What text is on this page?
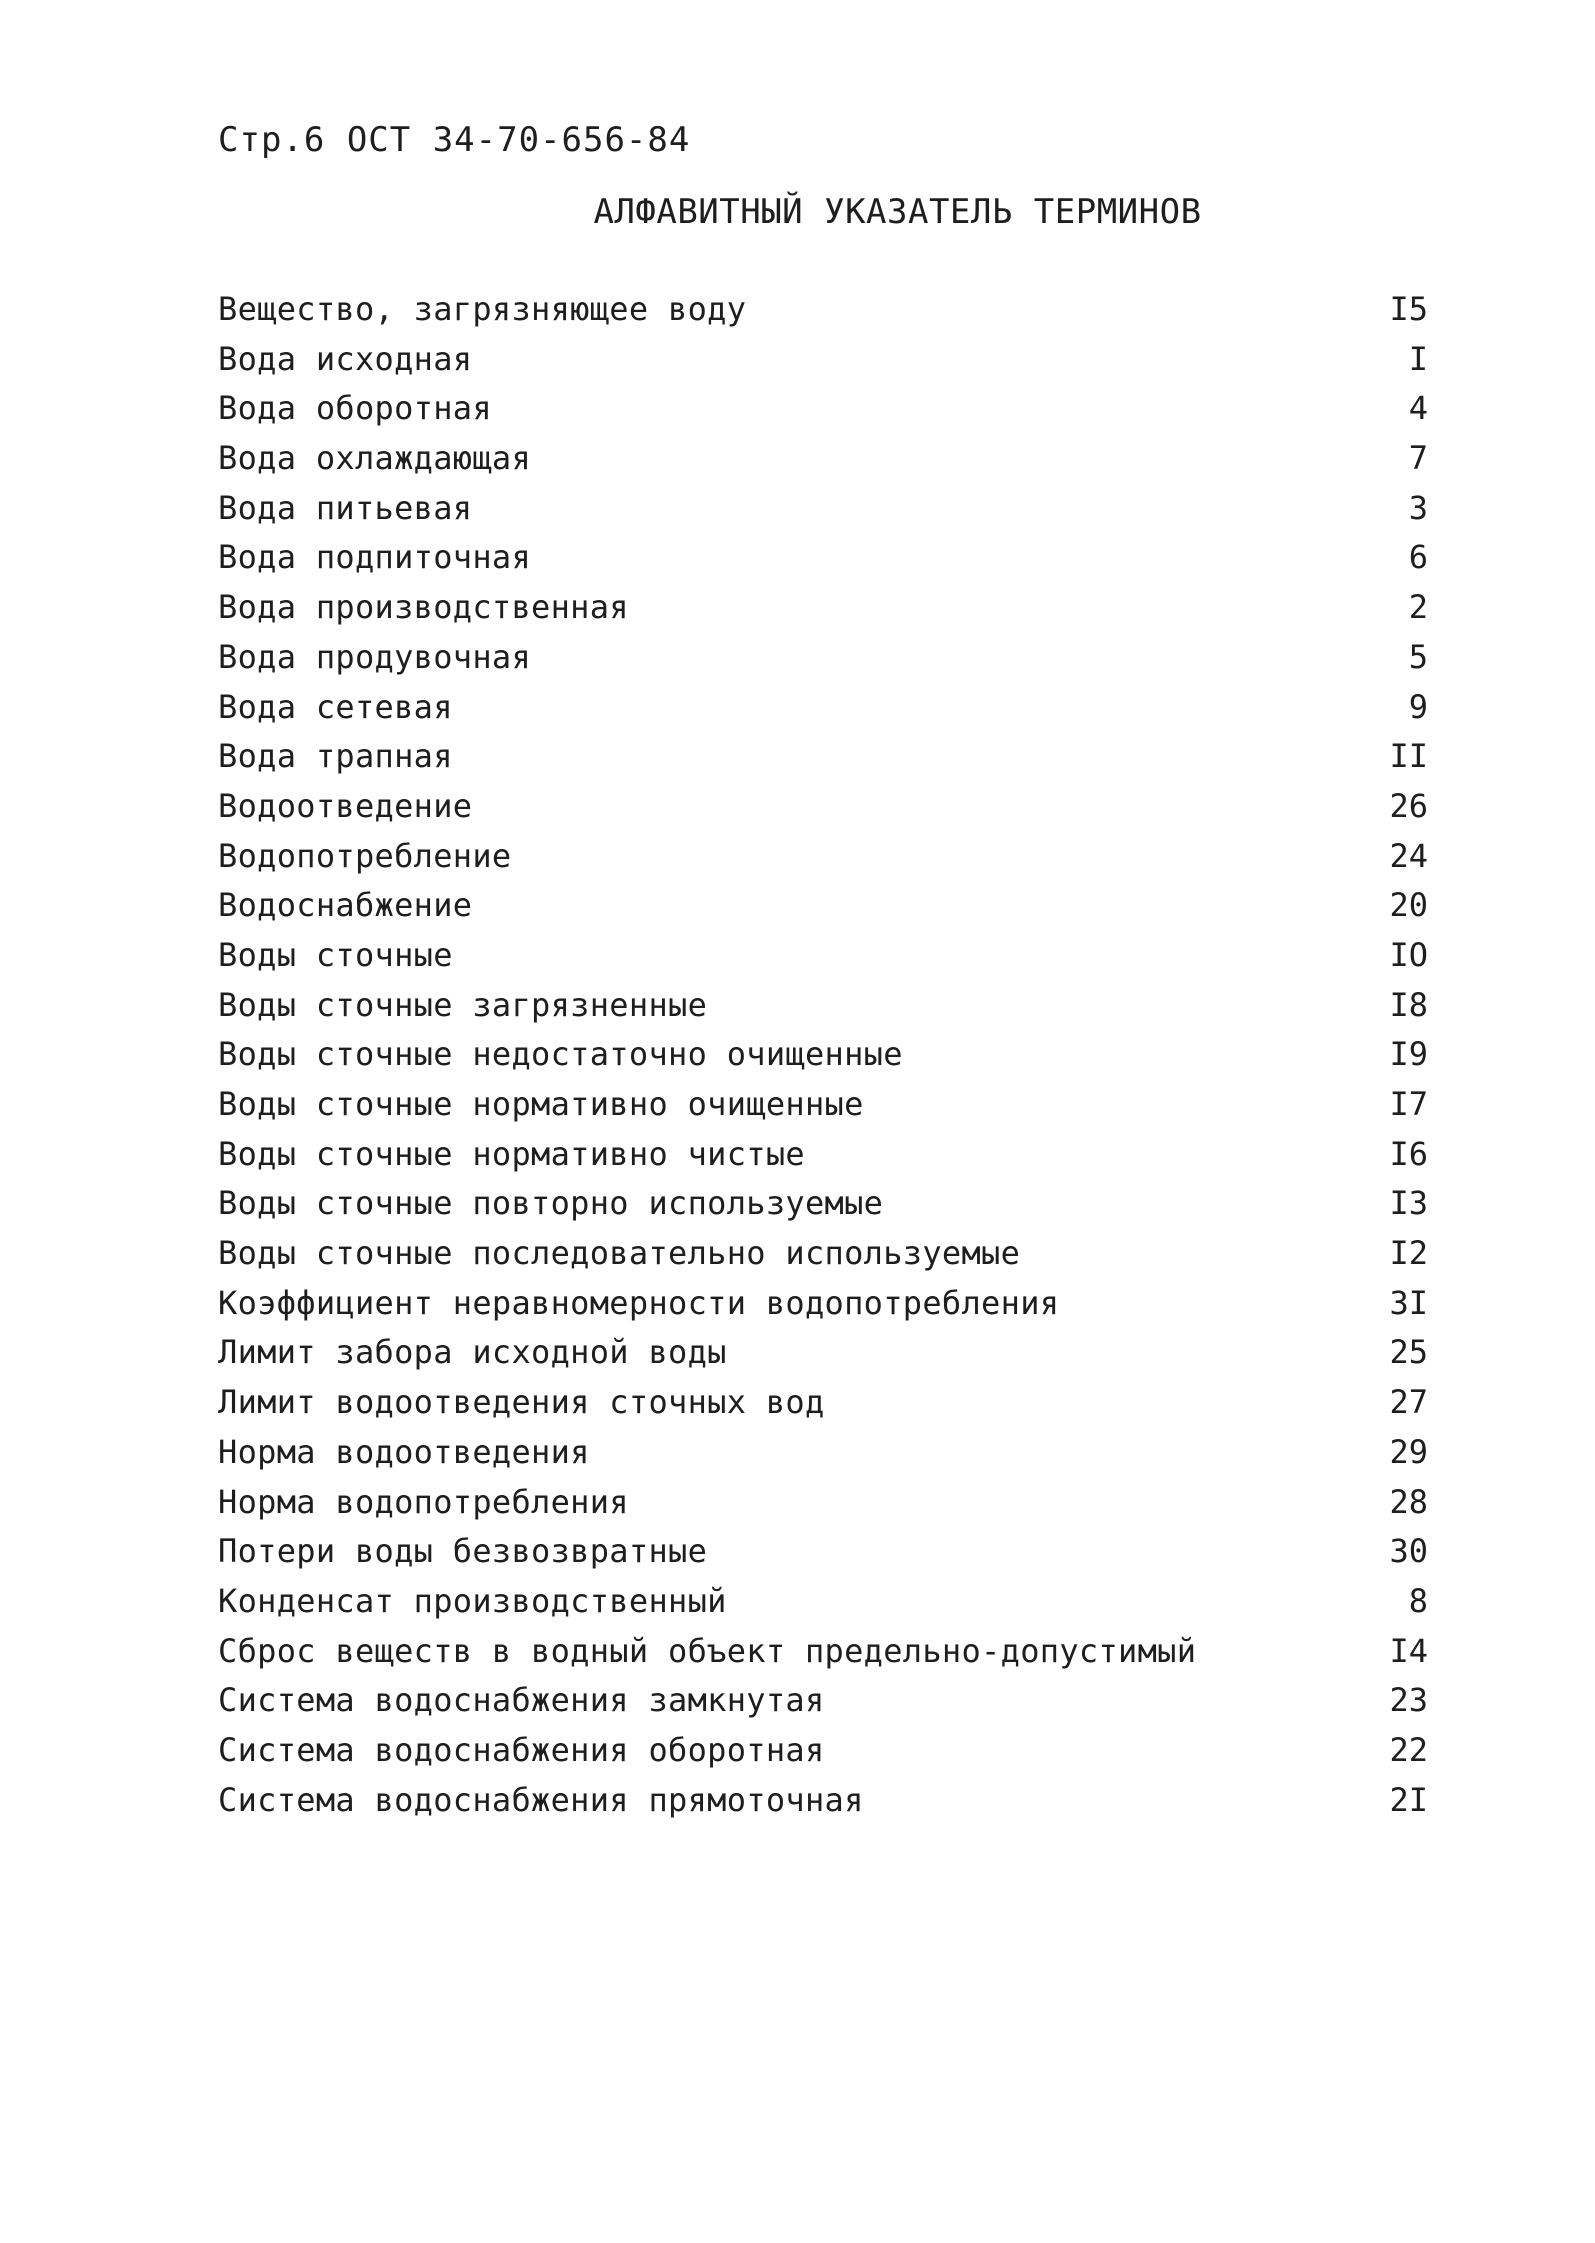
Стр.6 ОСТ 34-70-656-84
АЛФАВИТНЫЙ УКАЗАТЕЛЬ ТЕРМИНОВ
Вещество, загрязняющее воду	I5
Вода исходная	I
Вода оборотная	4
Вода охлаждающая	7
Вода питьевая	3
Вода подпиточная	6
Вода производственная	2
Вода продувочная	5
Вода сетевая	9
Вода трапная	II
Водоотведение	26
Водопотребление	24
Водоснабжение	20
Воды сточные	IO
Воды сточные загрязненные	I8
Воды сточные недостаточно очищенные	I9
Воды сточные нормативно очищенные	I7
Воды сточные нормативно чистые	I6
Воды сточные повторно используемые	I3
Воды сточные последовательно используемые	I2
Коэффициент неравномерности водопотребления	3I
Лимит забора исходной воды	25
Лимит водоотведения сточных вод	27
Норма водоотведения	29
Норма водопотребления	28
Потери воды безвозвратные	30
Конденсат производственный	8
Сброс веществ в водный объект предельно-допустимый	I4
Система водоснабжения замкнутая	23
Система водоснабжения оборотная	22
Система водоснабжения прямоточная	2I
